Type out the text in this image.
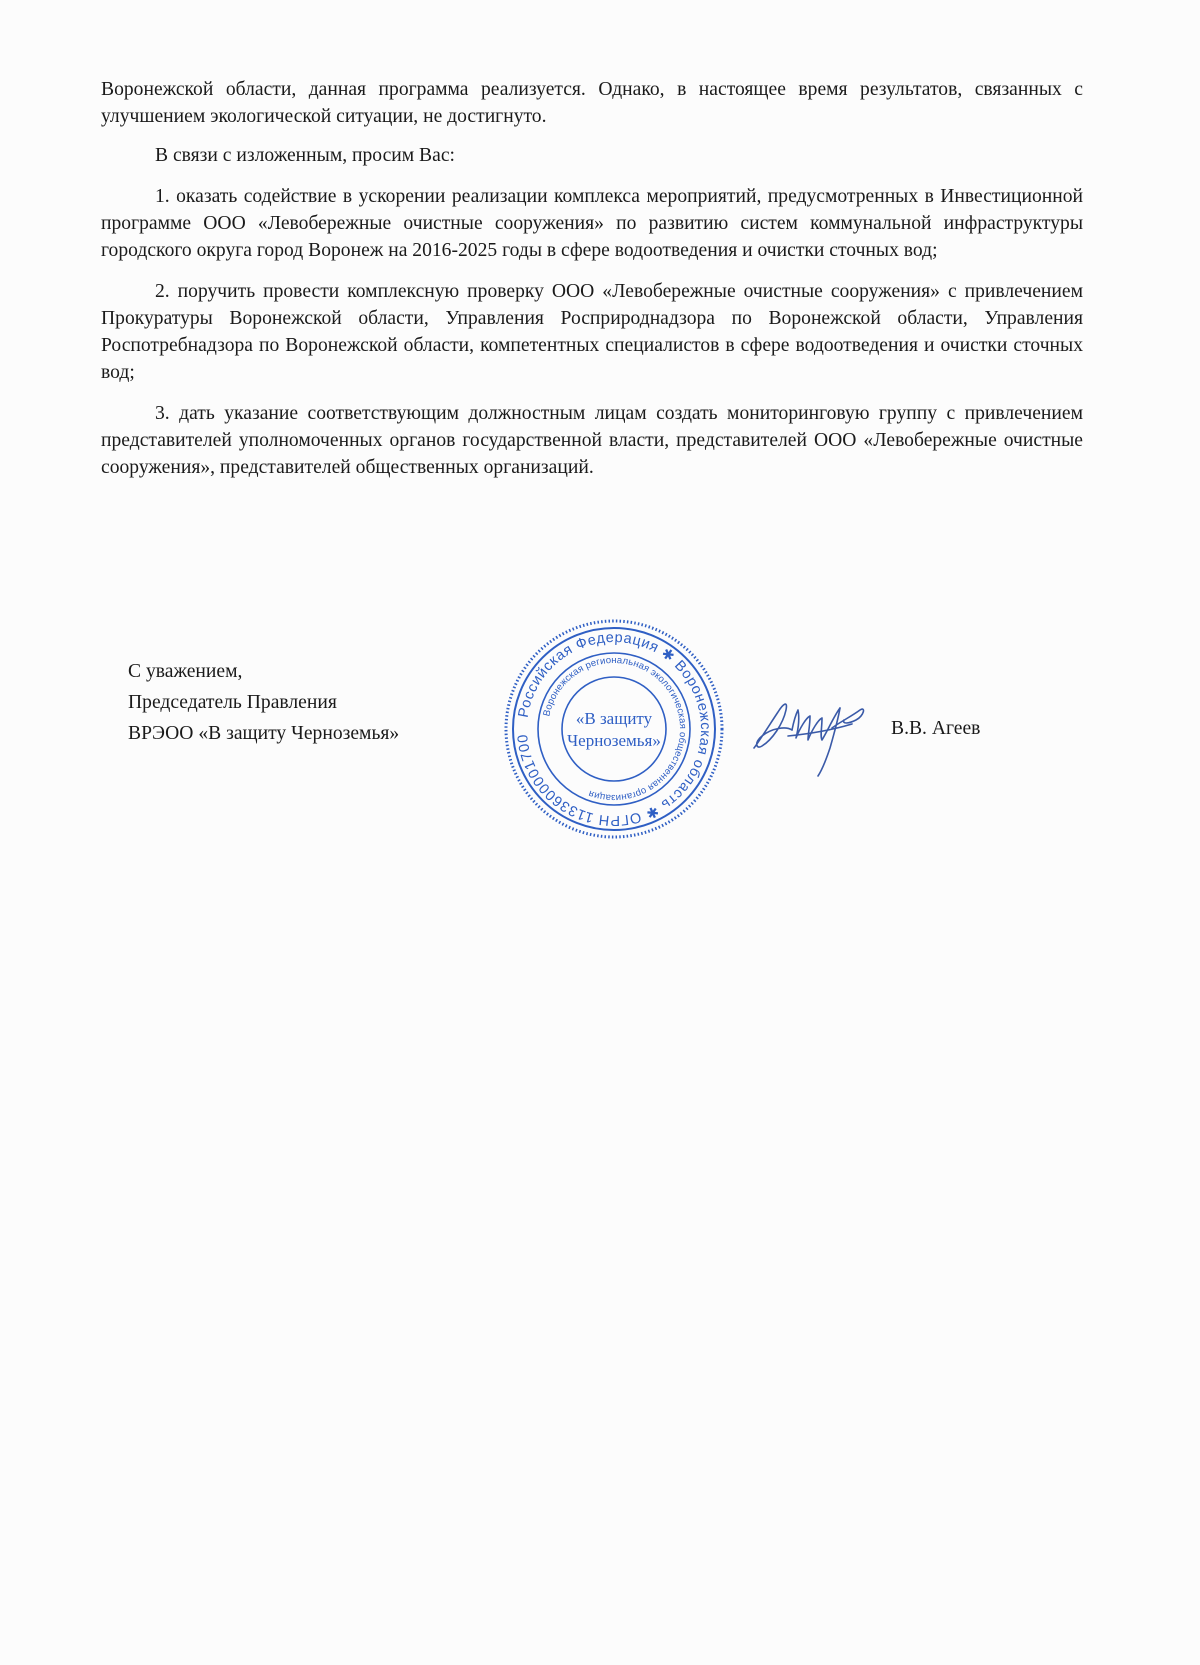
Воронежской области, данная программа реализуется. Однако, в настоящее время результатов, связанных с улучшением экологической ситуации, не достигнуто.

В связи с изложенным, просим Вас:

1. оказать содействие в ускорении реализации комплекса мероприятий, предусмотренных в Инвестиционной программе ООО «Левобережные очистные сооружения» по развитию систем коммунальной инфраструктуры городского округа город Воронеж на 2016-2025 годы в сфере водоотведения и очистки сточных вод;

2. поручить провести комплексную проверку ООО «Левобережные очистные сооружения» с привлечением Прокуратуры Воронежской области, Управления Росприроднадзора по Воронежской области, Управления Роспотребнадзора по Воронежской области, компетентных специалистов в сфере водоотведения и очистки сточных вод;

3. дать указание соответствующим должностным лицам создать мониторинговую группу с привлечением представителей уполномоченных органов государственной власти, представителей ООО «Левобережные очистные сооружения», представителей общественных организаций.

С уважением,
Председатель Правления
ВРЭОО «В защиту Черноземья»
Российская Федерация ✱ Воронежская область ✱ ОГРН 1133600001700
Воронежская региональная экологическая общественная организация
«В защиту
Черноземья»
В.В. Агеев
